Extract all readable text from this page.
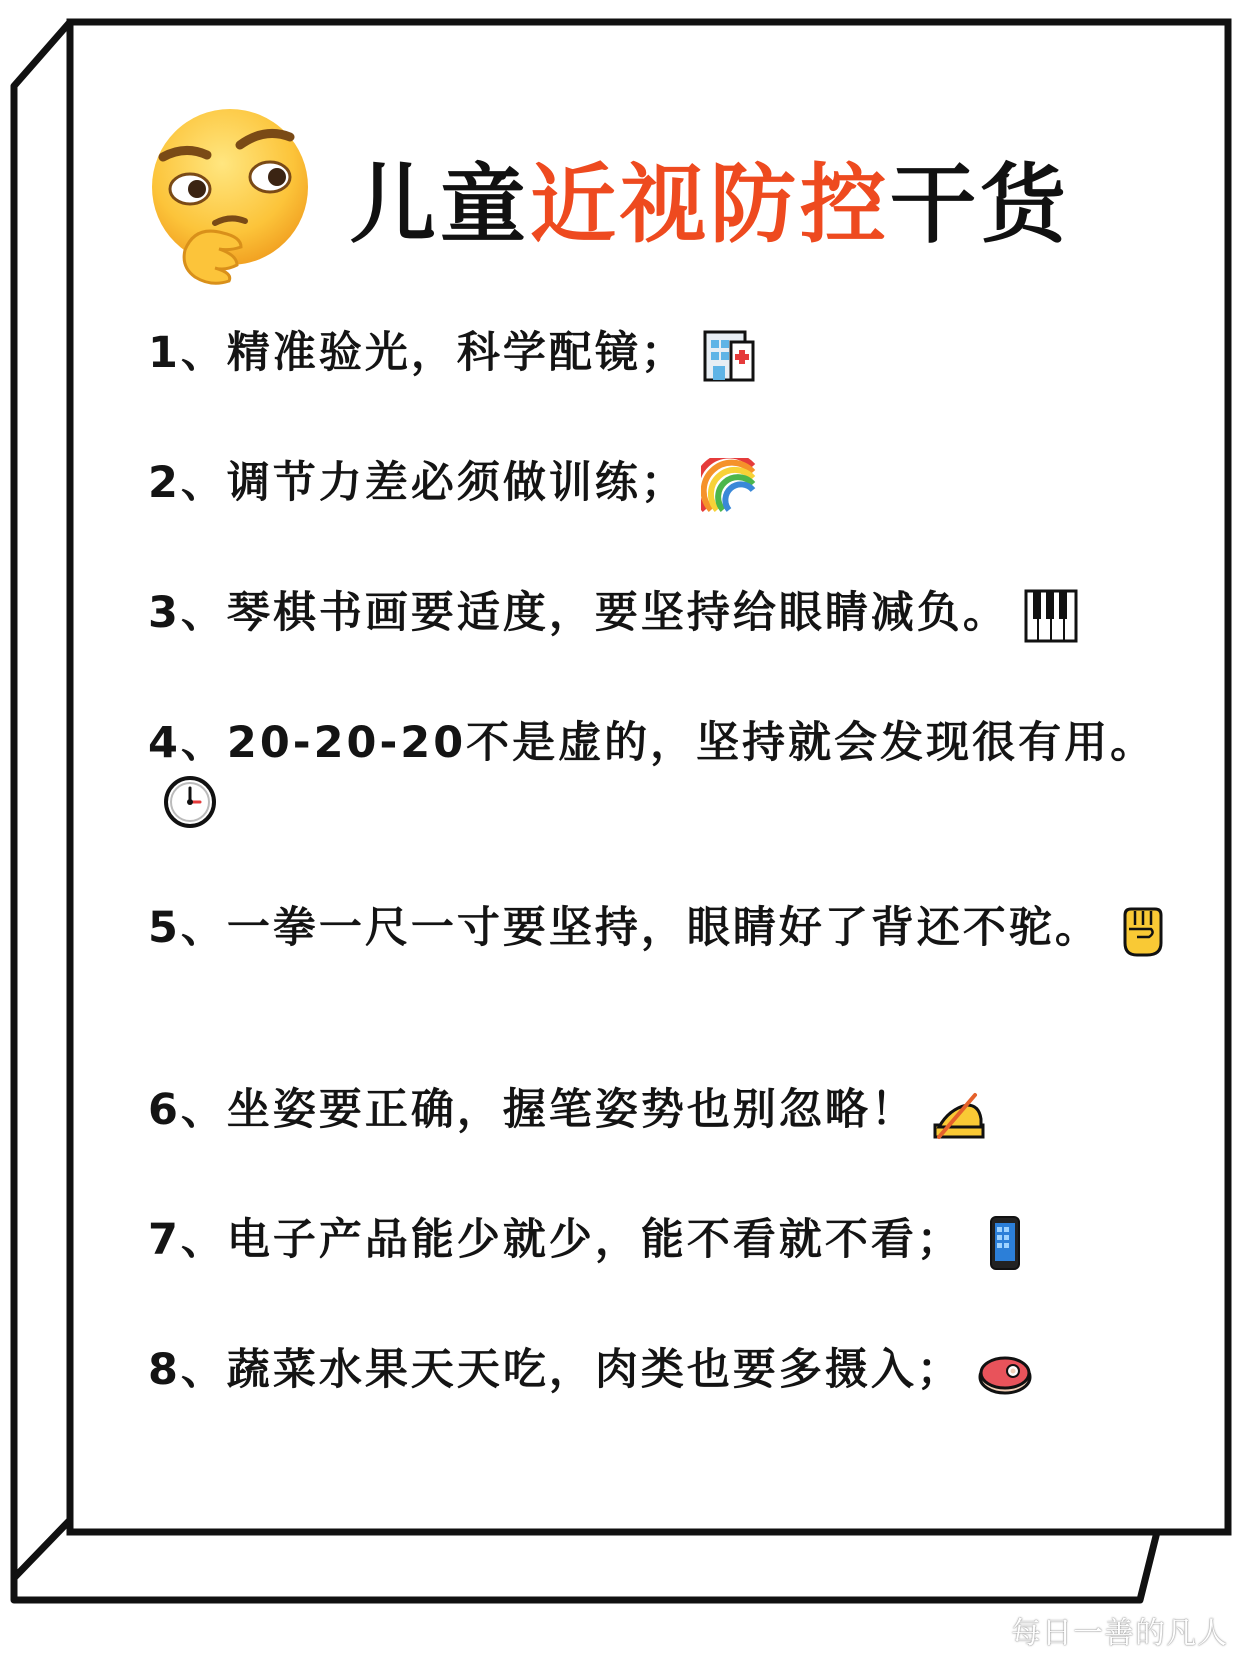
儿童近视防控干货
1、精准验光，科学配镜；
2、调节力差必须做训练；
3、琴棋书画要适度，要坚持给眼睛减负。
4、20-20-20不是虚的，坚持就会发现很有用。
5、一拳一尺一寸要坚持，眼睛好了背还不驼。
6、坐姿要正确，握笔姿势也别忽略！
7、电子产品能少就少，能不看就不看；
8、蔬菜水果天天吃，肉类也要多摄入；
每日一善的凡人
